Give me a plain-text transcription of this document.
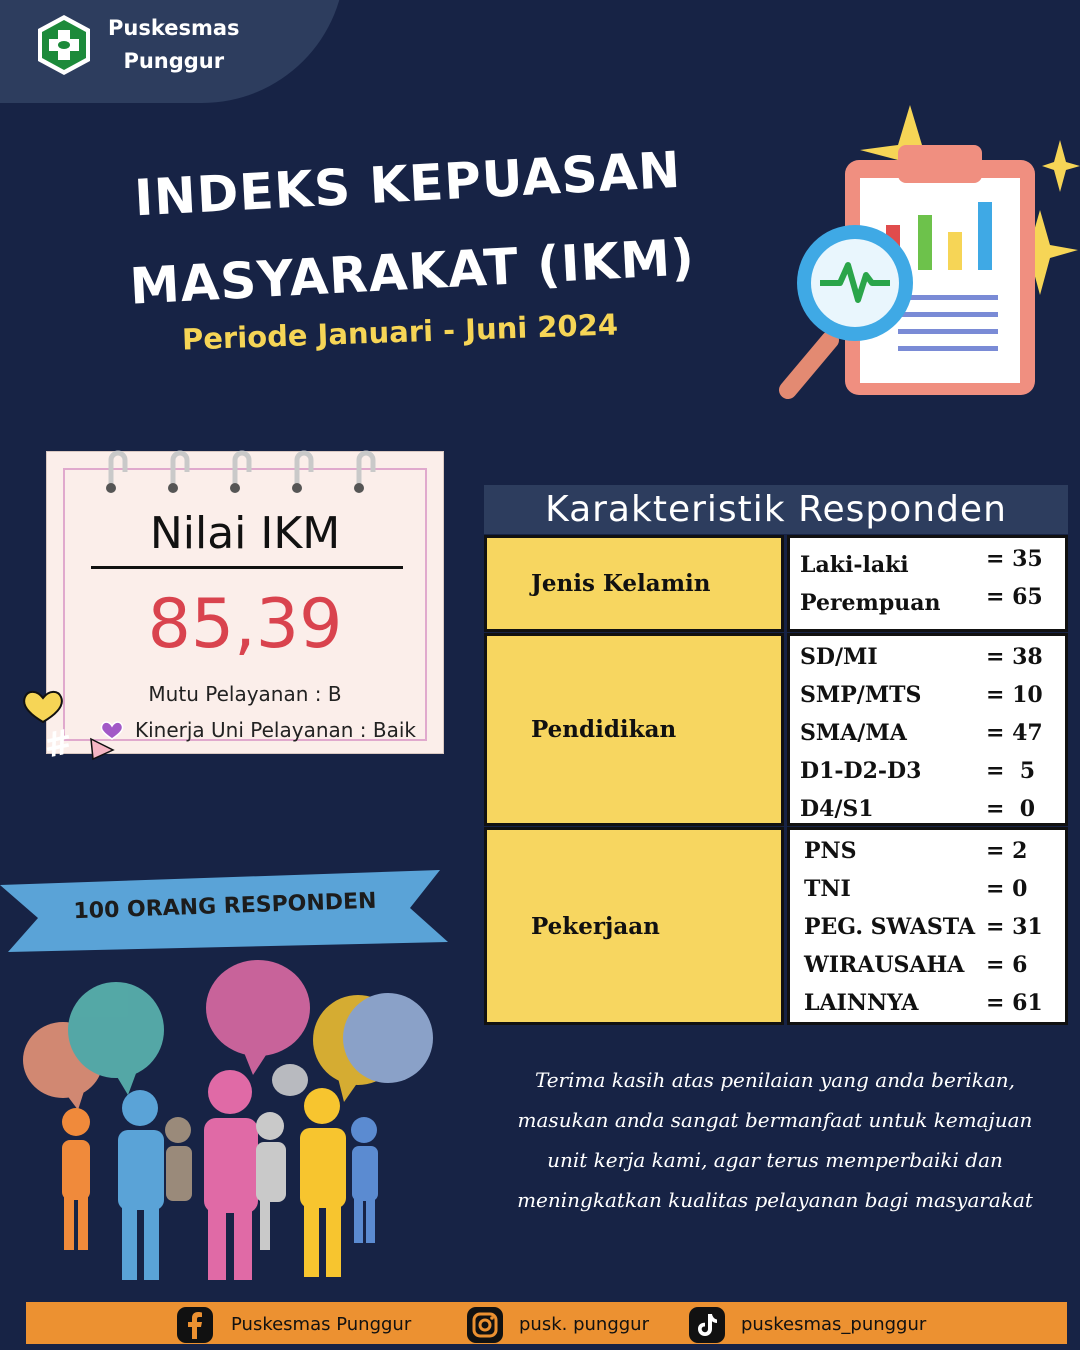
Puskesmas
Punggur
INDEKS KEPUASAN
MASYARAKAT (IKM)
Periode Januari - Juni 2024
Nilai IKM
85,39
Mutu Pelayanan : B
Kinerja Uni Pelayanan : Baik
#
100 ORANG RESPONDEN
Karakteristik Responden
Jenis Kelamin
Laki-laki	= 35
Perempuan = 65
Pendidikan
SD/MI	= 38
SMP/MTS	= 10
SMA/MA	= 47
D1-D2-D3	=  5
D4/S1	=  0
Pekerjaan
PNS	= 2
TNI	= 0
PEG. SWASTA = 31
WIRAUSAHA = 6
LAINNYA	= 61
Terima kasih atas penilaian yang anda berikan, masukan anda sangat bermanfaat untuk kemajuan unit kerja kami, agar terus memperbaiki dan meningkatkan kualitas pelayanan bagi masyarakat
Puskesmas Punggur	pusk. punggur	puskesmas_punggur
